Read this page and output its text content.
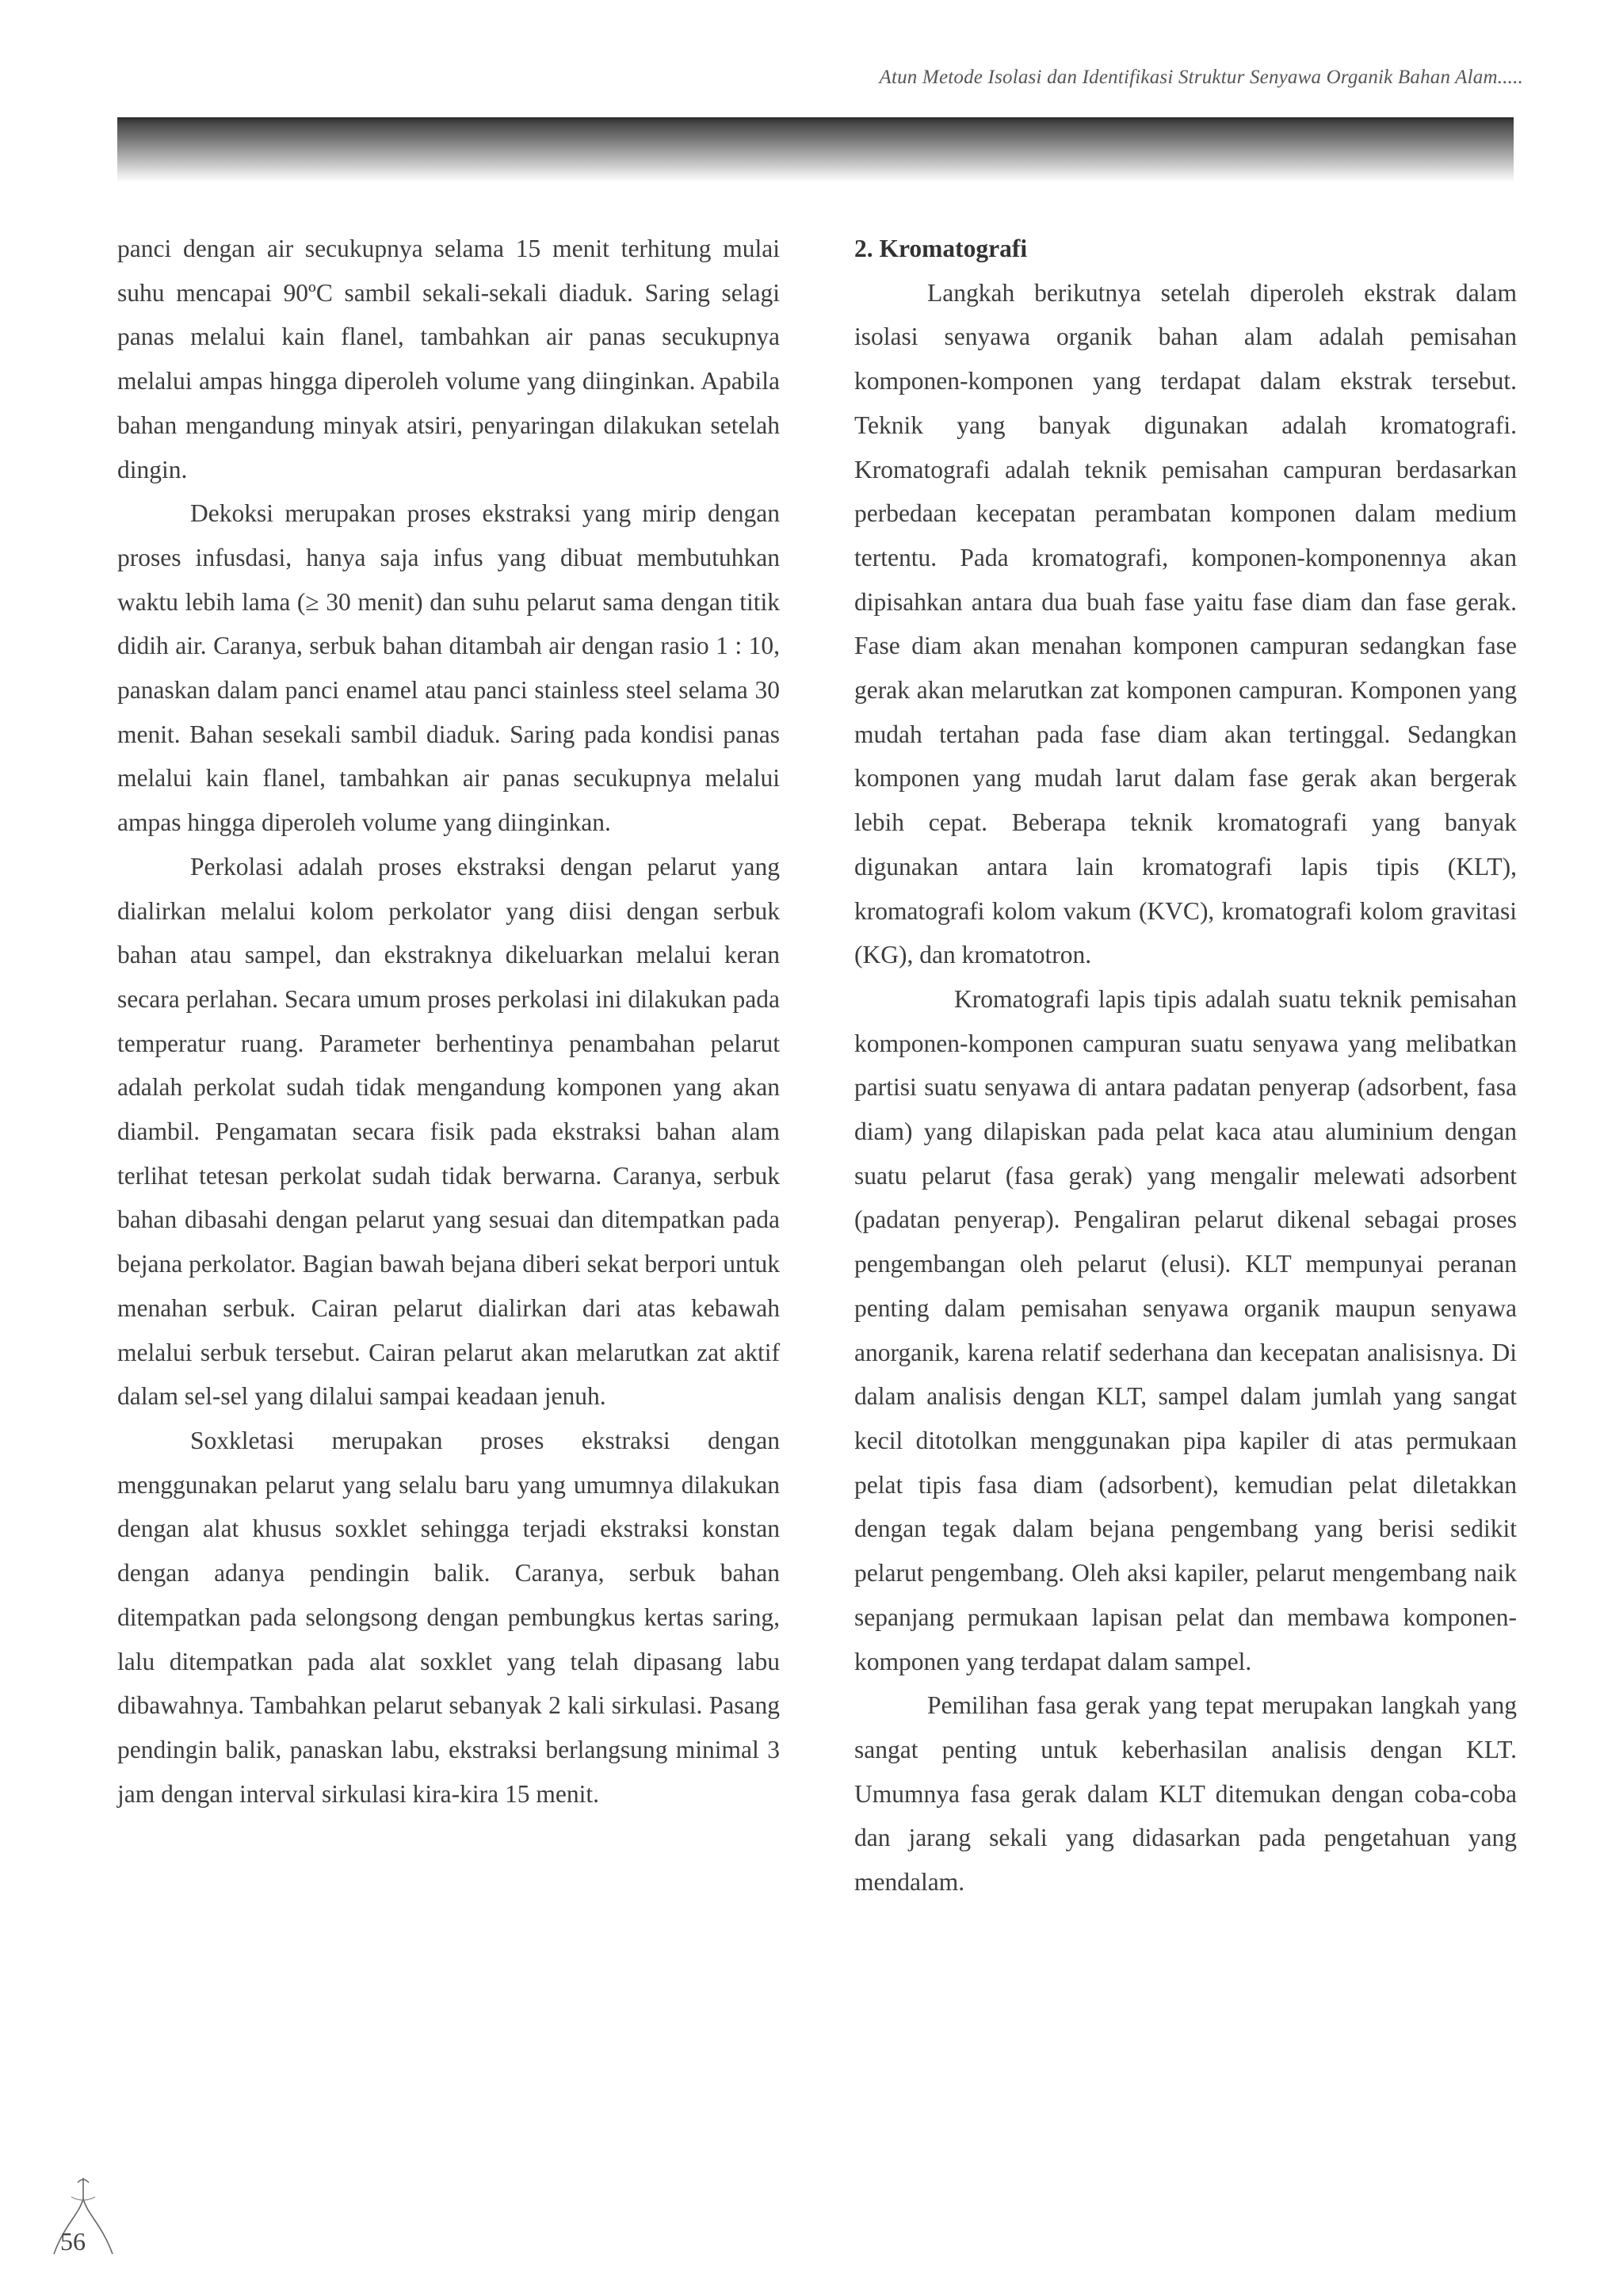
Atun Metode Isolasi dan Identifikasi Struktur Senyawa Organik Bahan Alam.....

panci dengan air secukupnya selama 15 menit terhitung mulai suhu mencapai 90ºC sambil sekali-sekali diaduk. Saring selagi panas melalui kain flanel, tambahkan air panas secukupnya melalui ampas hingga diperoleh volume yang diinginkan. Apabila bahan mengandung minyak atsiri, penyaringan dilakukan setelah dingin.

Dekoksi merupakan proses ekstraksi yang mirip dengan proses infusdasi, hanya saja infus yang dibuat membutuhkan waktu lebih lama (≥ 30 menit) dan suhu pelarut sama dengan titik didih air. Caranya, serbuk bahan ditambah air dengan rasio 1 : 10, panaskan dalam panci enamel atau panci stainless steel selama 30 menit. Bahan sesekali sambil diaduk. Saring pada kondisi panas melalui kain flanel, tambahkan air panas secukupnya melalui ampas hingga diperoleh volume yang diinginkan.

Perkolasi adalah proses ekstraksi dengan pelarut yang dialirkan melalui kolom perkolator yang diisi dengan serbuk bahan atau sampel, dan ekstraknya dikeluarkan melalui keran secara perlahan. Secara umum proses perkolasi ini dilakukan pada temperatur ruang. Parameter berhentinya penambahan pelarut adalah perkolat sudah tidak mengandung komponen yang akan diambil. Pengamatan secara fisik pada ekstraksi bahan alam terlihat tetesan perkolat sudah tidak berwarna. Caranya, serbuk bahan dibasahi dengan pelarut yang sesuai dan ditempatkan pada bejana perkolator. Bagian bawah bejana diberi sekat berpori untuk menahan serbuk. Cairan pelarut dialirkan dari atas kebawah melalui serbuk tersebut. Cairan pelarut akan melarutkan zat aktif dalam sel-sel yang dilalui sampai keadaan jenuh.

Soxkletasi merupakan proses ekstraksi dengan menggunakan pelarut yang selalu baru yang umumnya dilakukan dengan alat khusus soxklet sehingga terjadi ekstraksi konstan dengan adanya pendingin balik. Caranya, serbuk bahan ditempatkan pada selongsong dengan pembungkus kertas saring, lalu ditempatkan pada alat soxklet yang telah dipasang labu dibawahnya. Tambahkan pelarut sebanyak 2 kali sirkulasi. Pasang pendingin balik, panaskan labu, ekstraksi berlangsung minimal 3 jam dengan interval sirkulasi kira-kira 15 menit.

2. Kromatografi

Langkah berikutnya setelah diperoleh ekstrak dalam isolasi senyawa organik bahan alam adalah pemisahan komponen-komponen yang terdapat dalam ekstrak tersebut. Teknik yang banyak digunakan adalah kromatografi. Kromatografi adalah teknik pemisahan campuran berdasarkan perbedaan kecepatan perambatan komponen dalam medium tertentu. Pada kromatografi, komponen-komponennya akan dipisahkan antara dua buah fase yaitu fase diam dan fase gerak. Fase diam akan menahan komponen campuran sedangkan fase gerak akan melarutkan zat komponen campuran. Komponen yang mudah tertahan pada fase diam akan tertinggal. Sedangkan komponen yang mudah larut dalam fase gerak akan bergerak lebih cepat. Beberapa teknik kromatografi yang banyak digunakan antara lain kromatografi lapis tipis (KLT), kromatografi kolom vakum (KVC), kromatografi kolom gravitasi (KG), dan kromatotron.

Kromatografi lapis tipis adalah suatu teknik pemisahan komponen-komponen campuran suatu senyawa yang melibatkan partisi suatu senyawa di antara padatan penyerap (adsorbent, fasa diam) yang dilapiskan pada pelat kaca atau aluminium dengan suatu pelarut (fasa gerak) yang mengalir melewati adsorbent (padatan penyerap). Pengaliran pelarut dikenal sebagai proses pengembangan oleh pelarut (elusi). KLT mempunyai peranan penting dalam pemisahan senyawa organik maupun senyawa anorganik, karena relatif sederhana dan kecepatan analisisnya. Di dalam analisis dengan KLT, sampel dalam jumlah yang sangat kecil ditotolkan menggunakan pipa kapiler di atas permukaan pelat tipis fasa diam (adsorbent), kemudian pelat diletakkan dengan tegak dalam bejana pengembang yang berisi sedikit pelarut pengembang. Oleh aksi kapiler, pelarut mengembang naik sepanjang permukaan lapisan pelat dan membawa komponen-komponen yang terdapat dalam sampel.

Pemilihan fasa gerak yang tepat merupakan langkah yang sangat penting untuk keberhasilan analisis dengan KLT. Umumnya fasa gerak dalam KLT ditemukan dengan coba-coba dan jarang sekali yang didasarkan pada pengetahuan yang mendalam.

56
